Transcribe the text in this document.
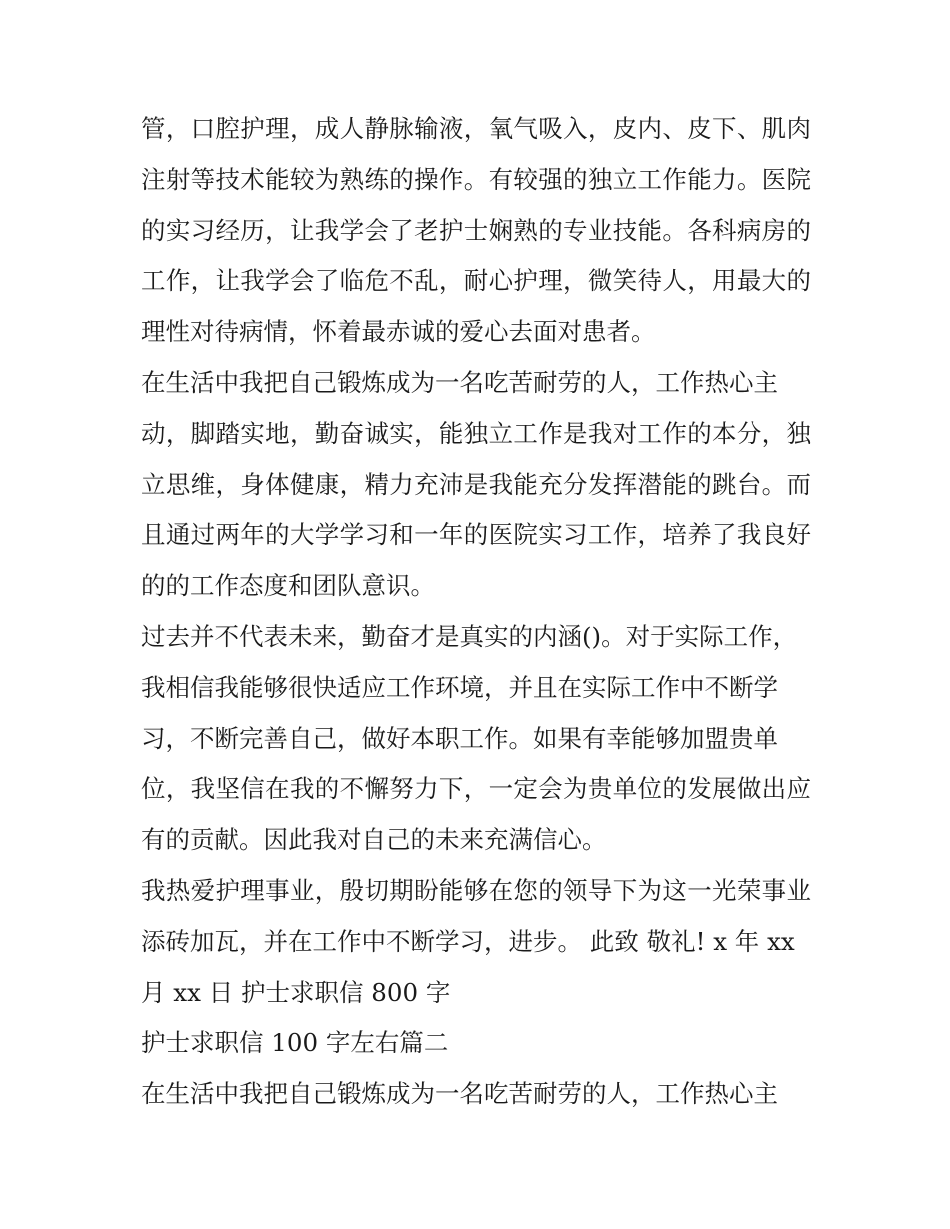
管，口腔护理，成人静脉输液，氧气吸入，皮内、皮下、肌肉
注射等技术能较为熟练的操作。有较强的独立工作能力。医院
的实习经历，让我学会了老护士娴熟的专业技能。各科病房的
工作，让我学会了临危不乱，耐心护理，微笑待人，用最大的
理性对待病情，怀着最赤诚的爱心去面对患者。
在生活中我把自己锻炼成为一名吃苦耐劳的人，工作热心主
动，脚踏实地，勤奋诚实，能独立工作是我对工作的本分，独
立思维，身体健康，精力充沛是我能充分发挥潜能的跳台。而
且通过两年的大学学习和一年的医院实习工作，培养了我良好
的的工作态度和团队意识。
过去并不代表未来，勤奋才是真实的内涵()。对于实际工作，
我相信我能够很快适应工作环境，并且在实际工作中不断学
习，不断完善自己，做好本职工作。如果有幸能够加盟贵单
位，我坚信在我的不懈努力下，一定会为贵单位的发展做出应
有的贡献。因此我对自己的未来充满信心。
我热爱护理事业，殷切期盼能够在您的领导下为这一光荣事业
添砖加瓦，并在工作中不断学习，进步。 此致 敬礼! x 年 xx
月 xx 日 护士求职信 800 字
护士求职信 100 字左右篇二
在生活中我把自己锻炼成为一名吃苦耐劳的人，工作热心主
